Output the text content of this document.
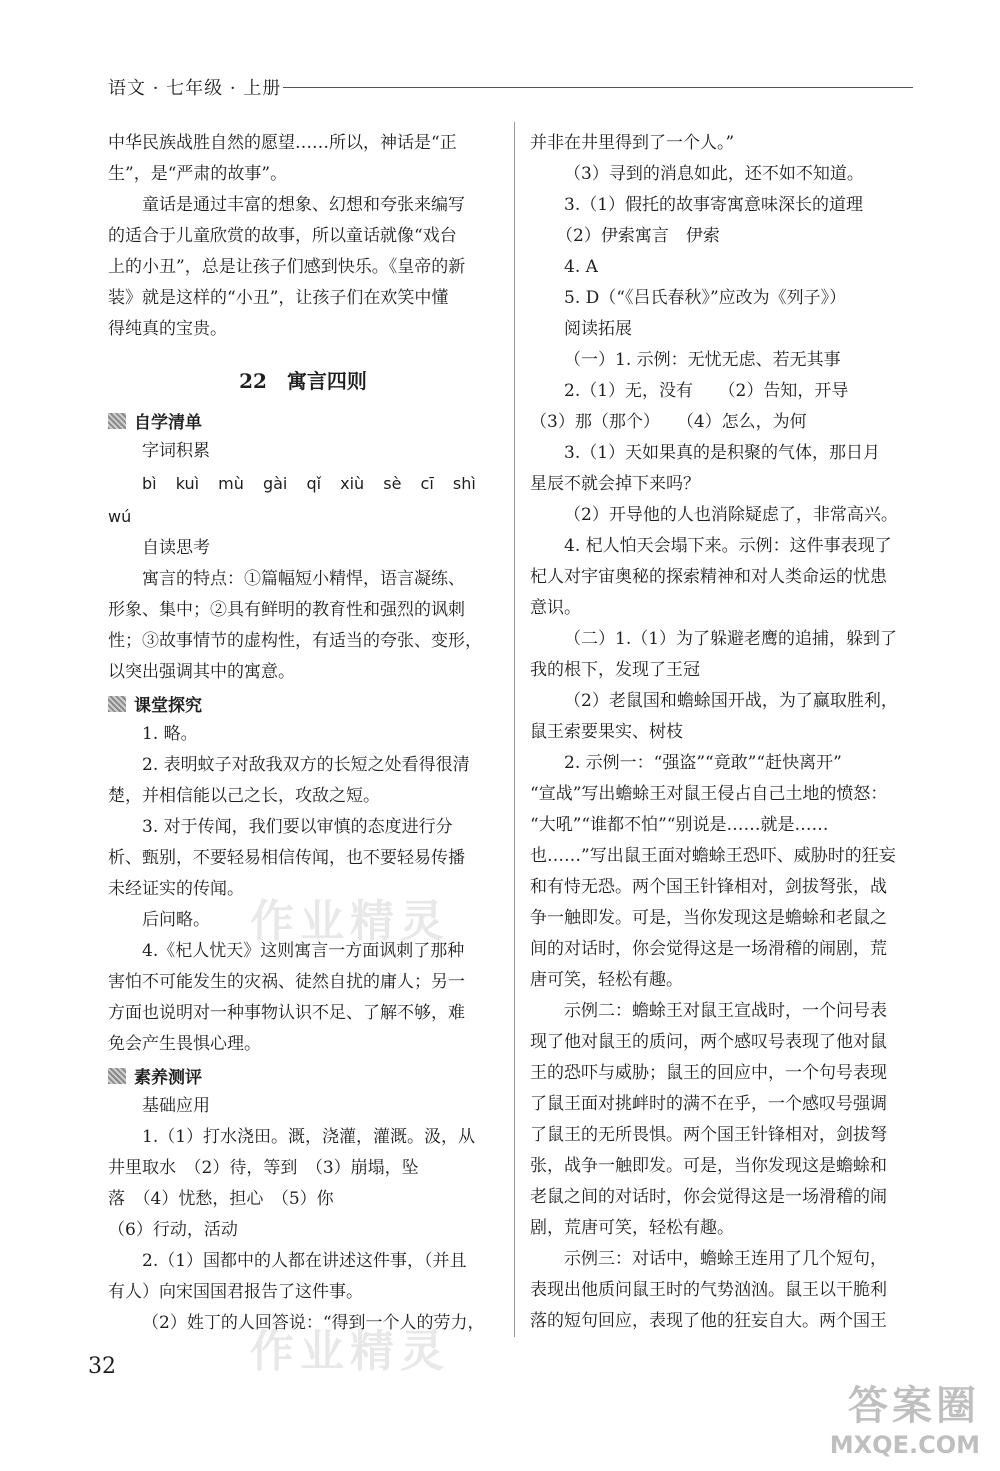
语文 · 七年级 · 上册

中华民族战胜自然的愿望……所以，神话是“正

生”，是“严肃的故事”。

童话是通过丰富的想象、幻想和夸张来编写

的适合于儿童欣赏的故事，所以童话就像“戏台

上的小丑”，总是让孩子们感到快乐。《皇帝的新

装》就是这样的“小丑”，让孩子们在欢笑中懂

得纯真的宝贵。

22　寓言四则
自学清单

字词积累

bì kuì mù gài qǐ xiù sè cī shì
wú

自读思考

寓言的特点：①篇幅短小精悍，语言凝练、

形象、集中；②具有鲜明的教育性和强烈的讽刺

性；③故事情节的虚构性，有适当的夸张、变形，

以突出强调其中的寓意。

课堂探究

1. 略。

2. 表明蚊子对敌我双方的长短之处看得很清

楚，并相信能以己之长，攻敌之短。

3. 对于传闻，我们要以审慎的态度进行分

析、甄别，不要轻易相信传闻，也不要轻易传播

未经证实的传闻。

后问略。

4.《杞人忧天》这则寓言一方面讽刺了那种

害怕不可能发生的灾祸、徒然自扰的庸人；另一

方面也说明对一种事物认识不足、了解不够，难

免会产生畏惧心理。

素养测评

基础应用

1.（1）打水浇田。溉，浇灌，灌溉。汲，从

井里取水　（2）待，等到　（3）崩塌，坠

落　（4）忧愁，担心　（5）你

（6）行动，活动

2.（1）国都中的人都在讲述这件事，（并且

有人）向宋国国君报告了这件事。

（2）姓丁的人回答说：“得到一个人的劳力，

并非在井里得到了一个人。”

（3）寻到的消息如此，还不如不知道。

3.（1）假托的故事寄寓意味深长的道理

（2）伊索寓言　伊索

4. A

5. D（“《吕氏春秋》”应改为《列子》）

阅读拓展

（一）1. 示例：无忧无虑、若无其事

2.（1）无，没有　　（2）告知，开导

（3）那（那个）　　（4）怎么，为何

3.（1）天如果真的是积聚的气体，那日月

星辰不就会掉下来吗？

（2）开导他的人也消除疑虑了，非常高兴。

4. 杞人怕天会塌下来。示例：这件事表现了

杞人对宇宙奥秘的探索精神和对人类命运的忧患

意识。

（二）1.（1）为了躲避老鹰的追捕，躲到了

我的根下，发现了王冠

（2）老鼠国和蟾蜍国开战，为了赢取胜利，

鼠王索要果实、树枝

2. 示例一：“强盗”“竟敢”“赶快离开”

“宣战”写出蟾蜍王对鼠王侵占自己土地的愤怒：

“大吼”“谁都不怕”“别说是……就是……

也……”写出鼠王面对蟾蜍王恐吓、威胁时的狂妄

和有恃无恐。两个国王针锋相对，剑拔弩张，战

争一触即发。可是，当你发现这是蟾蜍和老鼠之

间的对话时，你会觉得这是一场滑稽的闹剧，荒

唐可笑，轻松有趣。

示例二：蟾蜍王对鼠王宣战时，一个问号表

现了他对鼠王的质问，两个感叹号表现了他对鼠

王的恐吓与威胁；鼠王的回应中，一个句号表现

了鼠王面对挑衅时的满不在乎，一个感叹号强调

了鼠王的无所畏惧。两个国王针锋相对，剑拔弩

张，战争一触即发。可是，当你发现这是蟾蜍和

老鼠之间的对话时，你会觉得这是一场滑稽的闹

剧，荒唐可笑，轻松有趣。

示例三：对话中，蟾蜍王连用了几个短句，

表现出他质问鼠王时的气势汹汹。鼠王以干脆利

落的短句回应，表现了他的狂妄自大。两个国王

32
作业精灵
作业精灵
答案圈
MXQE.COM
